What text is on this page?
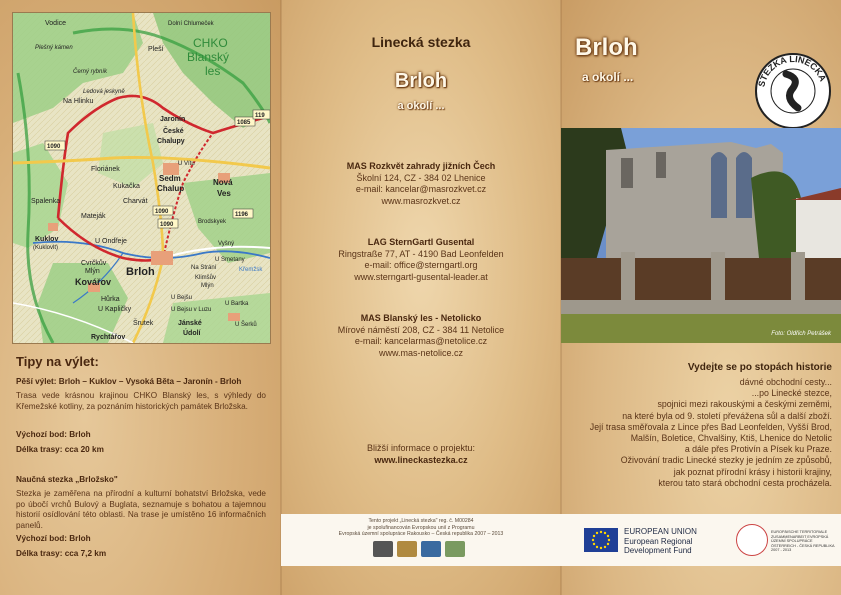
Vodice
Plešný kámen
Černý rybník
Ledová jeskyně
Dolní Chlumeček
Na Hlinku
Pleší CHKO
Blanský
les
Jaronín
České
Chalupy
Floriánek
U Vítu
Sedm
Chalup
Nová
Ves
Kukačka
Charvát
Spalenka
Mateják
Kuklov
(Kuklovlt)
U Ondřeje
Brodskyek
Vyšný
Cvrčkův
Mlýn
Kovářov
Brloh	Na Strání
Klimšův
Mlýn
U Smetany
Křemžsk
Hůrka
U Kapličky
U Bejšu
U Bejsu v Luzu
U Bartka
Šrutek
Rychtářov
Jánské
Údolí
U Šerků
1090
1085
1090
1090
1196
119
Tipy na výlet:
Pěší výlet: Brloh – Kuklov – Vysoká Běta – Jaronín - Brloh
Trasa vede krásnou krajinou CHKO Blanský les, s výhledy do Křemežské kotliny, za poznáním historických památek Brložska.
Výchozí bod: Brloh
Délka trasy: cca 20 km
Naučná stezka „Brložsko"
Stezka je zaměřena na přírodní a kulturní bohatství Brložska, vede po úbočí vrchů Bulový a Buglata, seznamuje s bohatou a tajemnou historií osídlování této oblasti. Na trase je umístěno 16 informačních panelů.
Výchozí bod: Brloh
Délka trasy: cca 7,2 km
Linecká stezka
Brloh
a okolí ...
MAS Rozkvět zahrady jižních Čech
Školní 124, CZ - 384 02 Lhenice
e-mail: kancelar@masrozkvet.cz
www.masrozkvet.cz
LAG SternGartl Gusental
Ringstraße 77, AT - 4190 Bad Leonfelden
e-mail: office@sterngartl.org
www.sterngartl-gusental-leader.at
MAS Blanský les - Netolicko
Mírové náměstí 208, CZ - 384 11 Netolice
e-mail: kancelarmas@netolice.cz
www.mas-netolice.cz
Bližší informace o projektu:
www.lineckastezka.cz
Tento projekt „Linecká stezka" reg. č. M00284
je spolufinancován Evropskou unií z Programu
Evropská územní spolupráce Rakousko – Česká republika 2007 – 2013	EUROPEAN UNION
European Regional
Development Fund
EUROPÄISCHE TERRITORIALE ZUSAMMENARBEIT EVROPSKÁ ÚZEMNÍ SPOLUPRÁCE ÖSTERREICH - ČESKÁ REPUBLIKA 2007 - 2013
Brloh
a okolí ...	STEZKA LINECKÁ
Foto: Oldřich Petrášek
Vydejte se po stopách historie
dávné obchodní cesty...
...po Linecké stezce,
spojnici mezi rakouskými a českými zeměmi,
na které byla od 9. století převážena sůl a další zboží.
Její trasa směřovala z Lince přes Bad Leonfelden, Vyšší Brod,
Malšín, Boletice, Chvalšiny, Ktiš, Lhenice do Netolic
a dále přes Protivín a Písek ku Praze.
Oživování tradic Linecké stezky je jedním ze způsobů,
jak poznat přírodní krásy i historii krajiny,
kterou tato stará obchodní cesta procházela.
